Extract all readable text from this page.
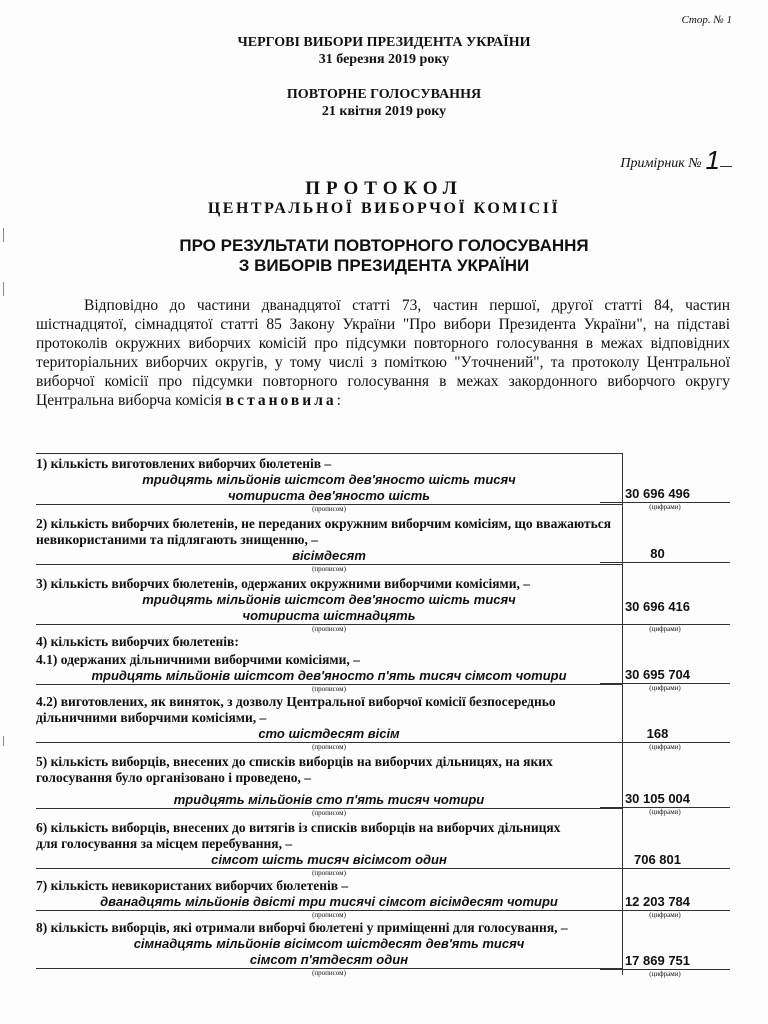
Стор. № 1
ЧЕРГОВІ ВИБОРИ ПРЕЗИДЕНТА УКРАЇНИ
31 березня 2019 року
ПОВТОРНЕ ГОЛОСУВАННЯ
21 квітня 2019 року
Примірник № 1
ПРОТОКОЛ
ЦЕНТРАЛЬНОЇ ВИБОРЧОЇ КОМІСІЇ
ПРО РЕЗУЛЬТАТИ ПОВТОРНОГО ГОЛОСУВАННЯ
З ВИБОРІВ ПРЕЗИДЕНТА УКРАЇНИ
Відповідно до частини дванадцятої статті 73, частин першої, другої статті 84, частин шістнадцятої, сімнадцятої статті 85 Закону України "Про вибори Президента України", на підставі протоколів окружних виборчих комісій про підсумки повторного голосування в межах відповідних територіальних виборчих округів, у тому числі з поміткою "Уточнений", та протоколу Центральної виборчої комісії про підсумки повторного голосування в межах закордонного виборчого округу Центральна виборча комісія встановила:
1) кількість виготовлених виборчих бюлетенів –
тридцять мільйонів шістсот дев'яносто шість тисяч
чотириста дев'яносто шість
(прописом)
30 696 496
(цифрами)
2) кількість виборчих бюлетенів, не переданих окружним виборчим комісіям, що вважаються невикористаними та підлягають знищенню, –
вісімдесят
(прописом)
80
3) кількість виборчих бюлетенів, одержаних окружними виборчими комісіями, –
тридцять мільйонів шістсот дев'яносто шість тисяч
чотириста шістнадцять
(прописом)
30 696 416
(цифрами)
4) кількість виборчих бюлетенів:
4.1) одержаних дільничними виборчими комісіями, –
тридцять мільйонів шістсот дев'яносто п'ять тисяч сімсот чотири
(прописом)
30 695 704
(цифрами)
4.2) виготовлених, як виняток, з дозволу Центральної виборчої комісії безпосередньо дільничними виборчими комісіями, –
сто шістдесят вісім
(прописом)
168
(цифрами)
5) кількість виборців, внесених до списків виборців на виборчих дільницях, на яких голосування було організовано і проведено, –
тридцять мільйонів сто п'ять тисяч чотири
(прописом)
30 105 004
(цифрами)
6) кількість виборців, внесених до витягів із списків виборців на виборчих дільницях для голосування за місцем перебування, –
сімсот шість тисяч вісімсот один
(прописом)
706 801
7) кількість невикористаних виборчих бюлетенів –
дванадцять мільйонів двісті три тисячі сімсот вісімдесят чотири
(прописом)
12 203 784
(цифрами)
8) кількість виборців, які отримали виборчі бюлетені у приміщенні для голосування, –
сімнадцять мільйонів вісімсот шістдесят дев'ять тисяч
сімсот п'ятдесят один
(прописом)
17 869 751
(цифрами)
